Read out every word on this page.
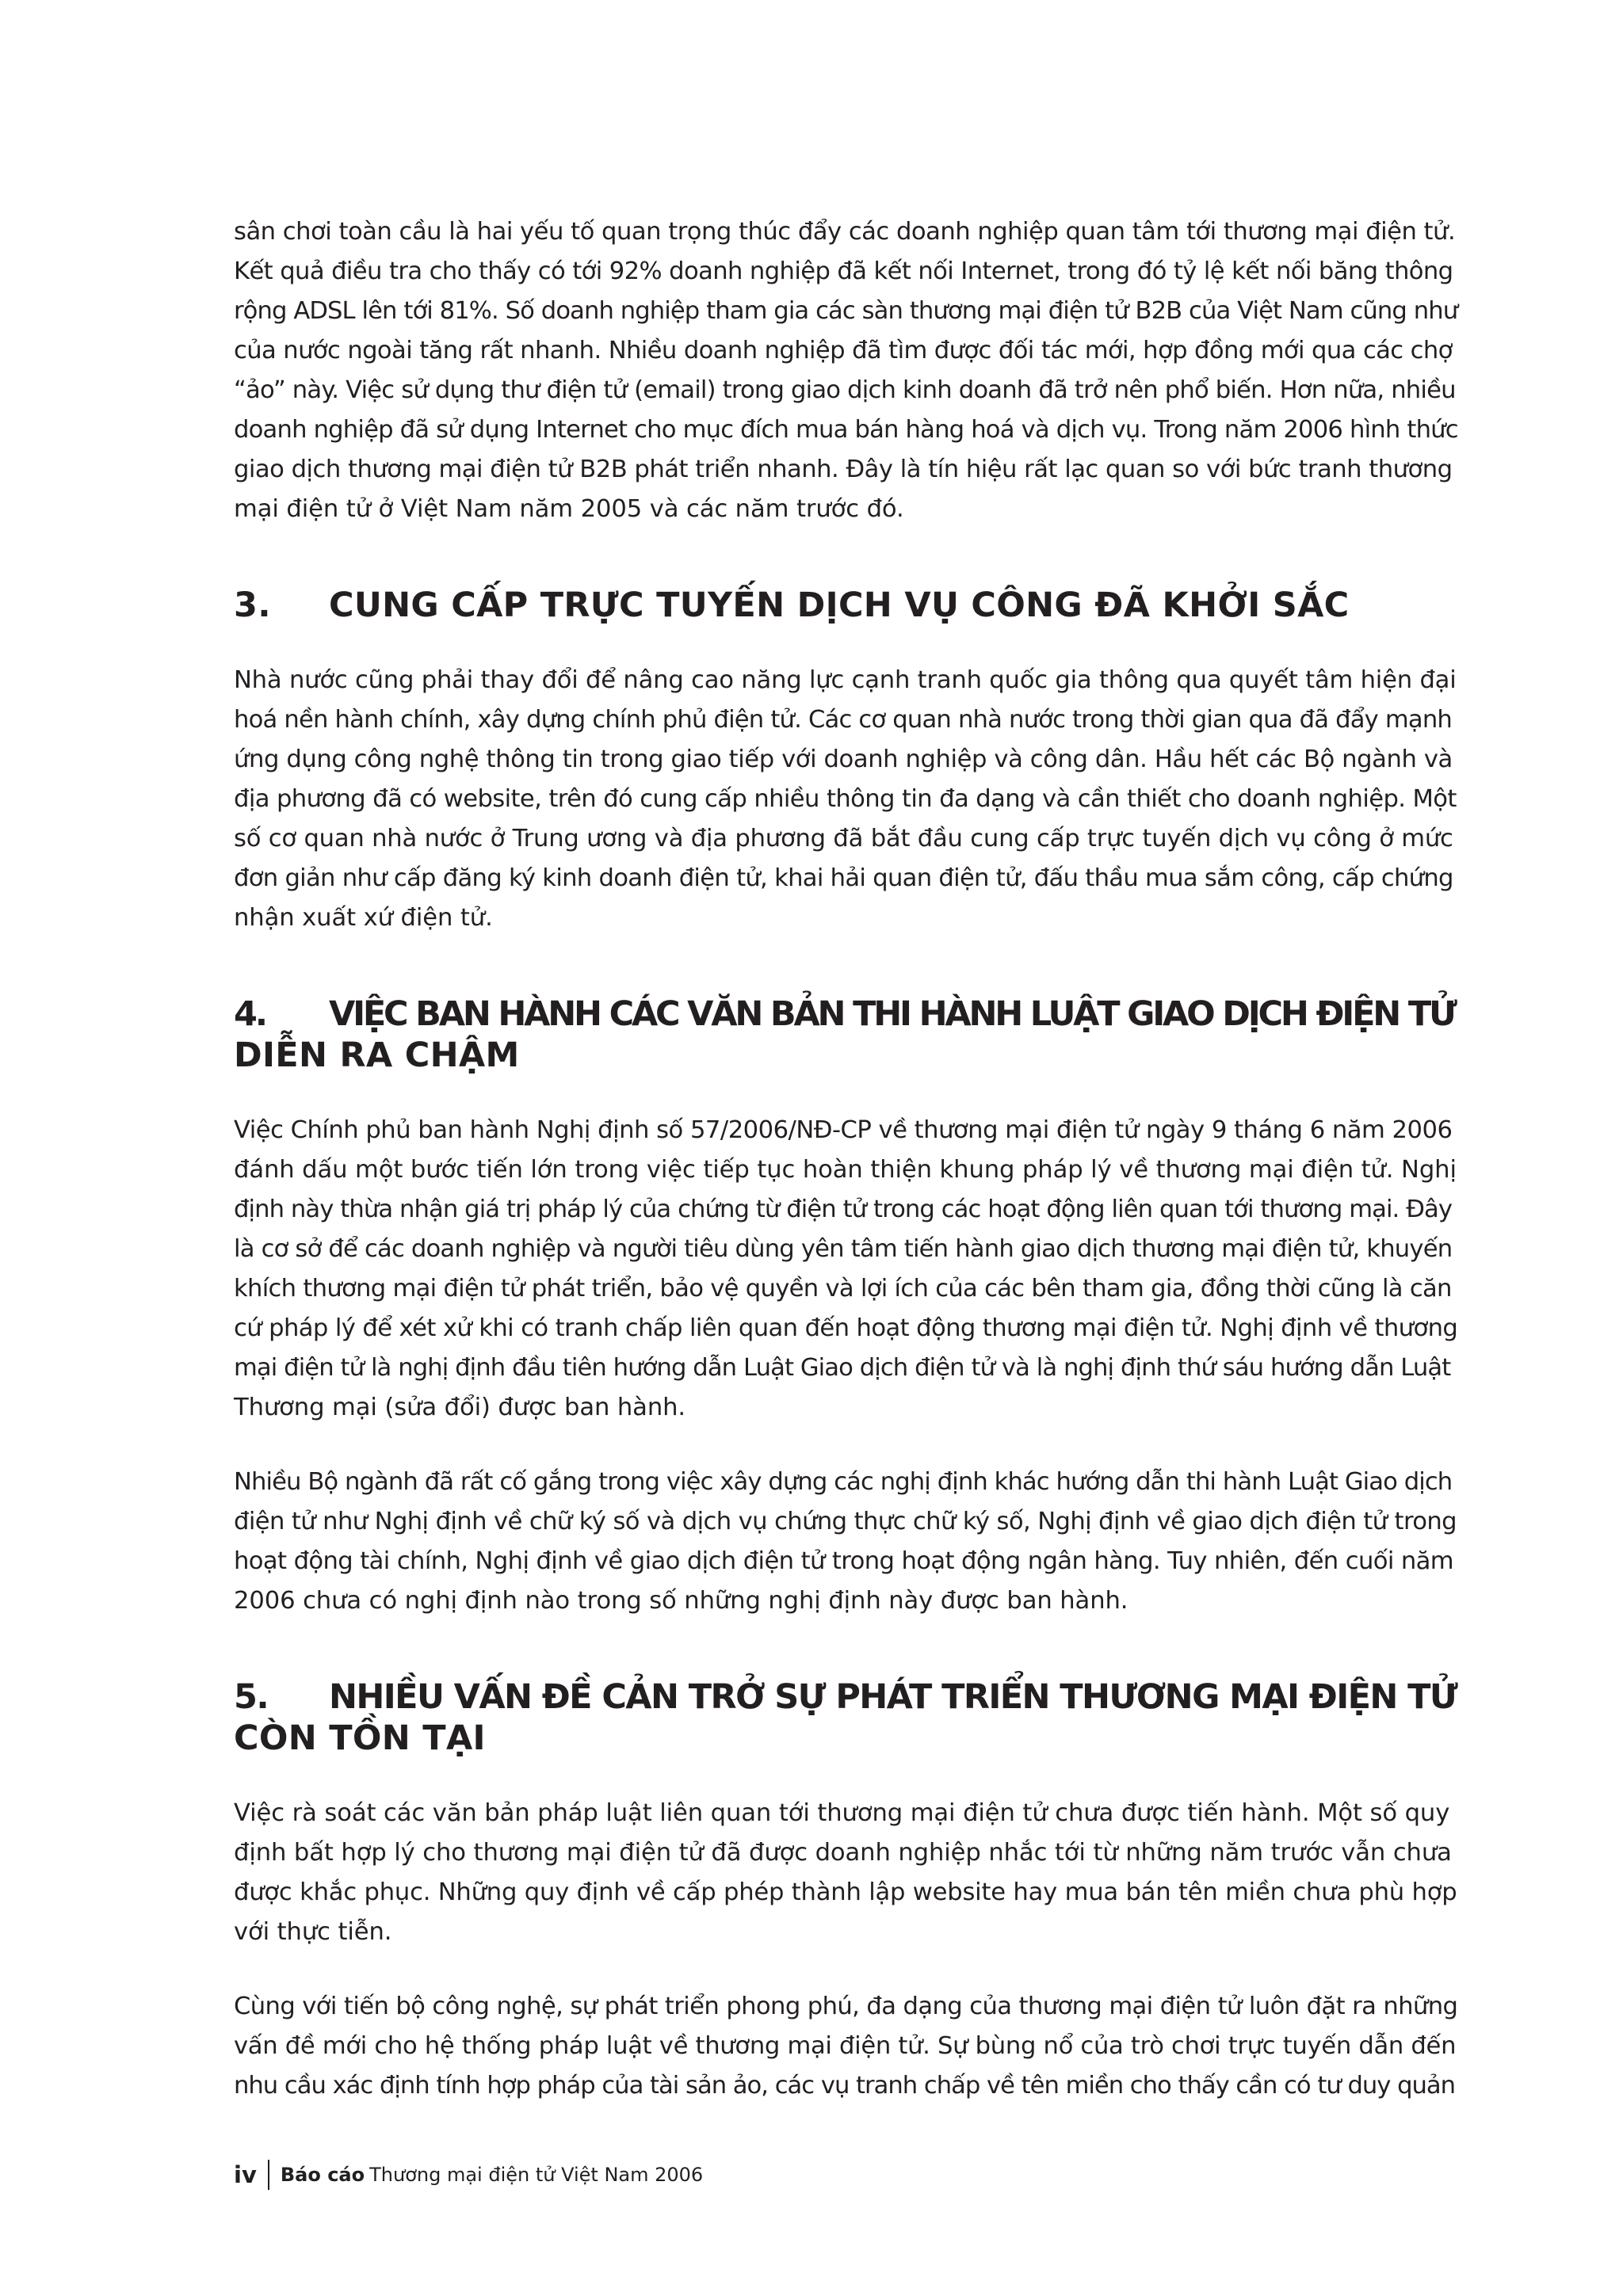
sân chơi toàn cầu là hai yếu tố quan trọng thúc đẩy các doanh nghiệp quan tâm tới thương mại điện tử.
Kết quả điều tra cho thấy có tới 92% doanh nghiệp đã kết nối Internet, trong đó tỷ lệ kết nối băng thông
rộng ADSL lên tới 81%. Số doanh nghiệp tham gia các sàn thương mại điện tử B2B của Việt Nam cũng như
của nước ngoài tăng rất nhanh. Nhiều doanh nghiệp đã tìm được đối tác mới, hợp đồng mới qua các chợ
“ảo” này. Việc sử dụng thư điện tử (email) trong giao dịch kinh doanh đã trở nên phổ biến. Hơn nữa, nhiều
doanh nghiệp đã sử dụng Internet cho mục đích mua bán hàng hoá và dịch vụ. Trong năm 2006 hình thức
giao dịch thương mại điện tử B2B phát triển nhanh. Đây là tín hiệu rất lạc quan so với bức tranh thương
mại điện tử ở Việt Nam năm 2005 và các năm trước đó.

3. CUNG CẤP TRỰC TUYẾN DỊCH VỤ CÔNG ĐÃ KHỞI SẮC

Nhà nước cũng phải thay đổi để nâng cao năng lực cạnh tranh quốc gia thông qua quyết tâm hiện đại
hoá nền hành chính, xây dựng chính phủ điện tử. Các cơ quan nhà nước trong thời gian qua đã đẩy mạnh
ứng dụng công nghệ thông tin trong giao tiếp với doanh nghiệp và công dân. Hầu hết các Bộ ngành và
địa phương đã có website, trên đó cung cấp nhiều thông tin đa dạng và cần thiết cho doanh nghiệp. Một
số cơ quan nhà nước ở Trung ương và địa phương đã bắt đầu cung cấp trực tuyến dịch vụ công ở mức
đơn giản như cấp đăng ký kinh doanh điện tử, khai hải quan điện tử, đấu thầu mua sắm công, cấp chứng
nhận xuất xứ điện tử.

4. VIỆC BAN HÀNH CÁC VĂN BẢN THI HÀNH LUẬT GIAO DỊCH ĐIỆN TỬ
DIỄN RA CHẬM

Việc Chính phủ ban hành Nghị định số 57/2006/NĐ-CP về thương mại điện tử ngày 9 tháng 6 năm 2006
đánh dấu một bước tiến lớn trong việc tiếp tục hoàn thiện khung pháp lý về thương mại điện tử. Nghị
định này thừa nhận giá trị pháp lý của chứng từ điện tử trong các hoạt động liên quan tới thương mại. Đây
là cơ sở để các doanh nghiệp và người tiêu dùng yên tâm tiến hành giao dịch thương mại điện tử, khuyến
khích thương mại điện tử phát triển, bảo vệ quyền và lợi ích của các bên tham gia, đồng thời cũng là căn
cứ pháp lý để xét xử khi có tranh chấp liên quan đến hoạt động thương mại điện tử. Nghị định về thương
mại điện tử là nghị định đầu tiên hướng dẫn Luật Giao dịch điện tử và là nghị định thứ sáu hướng dẫn Luật
Thương mại (sửa đổi) được ban hành.

Nhiều Bộ ngành đã rất cố gắng trong việc xây dựng các nghị định khác hướng dẫn thi hành Luật Giao dịch
điện tử như Nghị định về chữ ký số và dịch vụ chứng thực chữ ký số, Nghị định về giao dịch điện tử trong
hoạt động tài chính, Nghị định về giao dịch điện tử trong hoạt động ngân hàng. Tuy nhiên, đến cuối năm
2006 chưa có nghị định nào trong số những nghị định này được ban hành.

5. NHIỀU VẤN ĐỀ CẢN TRỞ SỰ PHÁT TRIỂN THƯƠNG MẠI ĐIỆN TỬ
CÒN TỒN TẠI

Việc rà soát các văn bản pháp luật liên quan tới thương mại điện tử chưa được tiến hành. Một số quy
định bất hợp lý cho thương mại điện tử đã được doanh nghiệp nhắc tới từ những năm trước vẫn chưa
được khắc phục. Những quy định về cấp phép thành lập website hay mua bán tên miền chưa phù hợp
với thực tiễn.

Cùng với tiến bộ công nghệ, sự phát triển phong phú, đa dạng của thương mại điện tử luôn đặt ra những
vấn đề mới cho hệ thống pháp luật về thương mại điện tử. Sự bùng nổ của trò chơi trực tuyến dẫn đến
nhu cầu xác định tính hợp pháp của tài sản ảo, các vụ tranh chấp về tên miền cho thấy cần có tư duy quản

iv	Báo cáo Thương mại điện tử Việt Nam 2006
